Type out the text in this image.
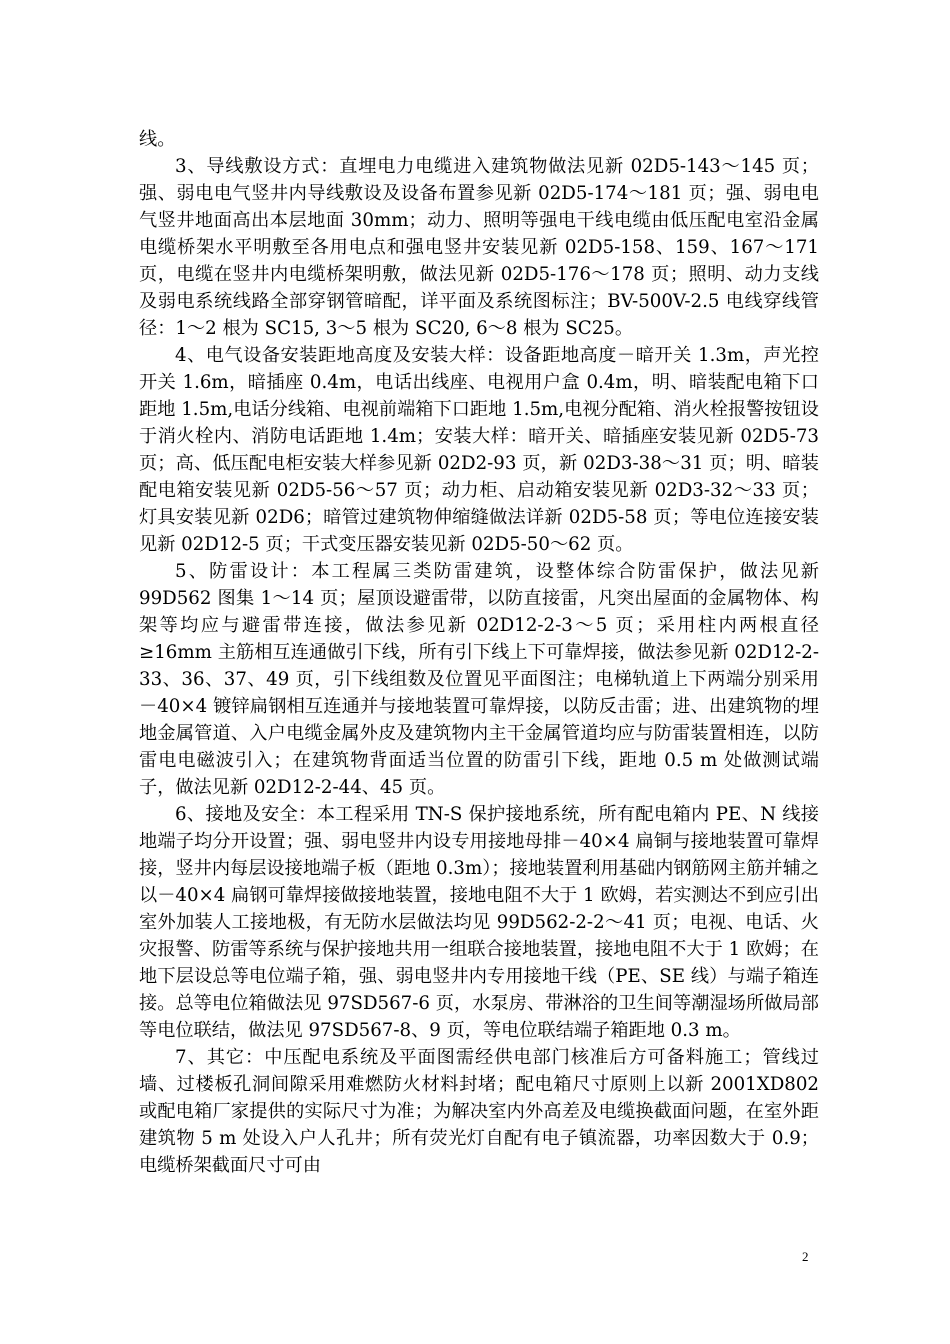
线。

3、导线敷设方式：直埋电力电缆进入建筑物做法见新 02D5-143～145 页；强、弱电电气竖井内导线敷设及设备布置参见新 02D5-174～181 页；强、弱电电气竖井地面高出本层地面 30mm；动力、照明等强电干线电缆由低压配电室沿金属电缆桥架水平明敷至各用电点和强电竖井安装见新 02D5-158、159、167～171 页，电缆在竖井内电缆桥架明敷，做法见新 02D5-176～178 页；照明、动力支线及弱电系统线路全部穿钢管暗配，详平面及系统图标注；BV-500V-2.5 电线穿线管径：1～2 根为 SC15, 3～5 根为 SC20, 6～8 根为 SC25。

4、电气设备安装距地高度及安装大样：设备距地高度－暗开关 1.3m，声光控开关 1.6m，暗插座 0.4m，电话出线座、电视用户盒 0.4m，明、暗装配电箱下口距地 1.5m,电话分线箱、电视前端箱下口距地 1.5m,电视分配箱、消火栓报警按钮设于消火栓内、消防电话距地 1.4m；安装大样：暗开关、暗插座安装见新 02D5-73 页；高、低压配电柜安装大样参见新 02D2-93 页，新 02D3-38～31 页；明、暗装配电箱安装见新 02D5-56～57 页；动力柜、启动箱安装见新 02D3-32～33 页；灯具安装见新 02D6；暗管过建筑物伸缩缝做法详新 02D5-58 页；等电位连接安装见新 02D12-5 页；干式变压器安装见新 02D5-50～62 页。

5、防雷设计：本工程属三类防雷建筑，设整体综合防雷保护，做法见新 99D562 图集 1～14 页；屋顶设避雷带，以防直接雷，凡突出屋面的金属物体、构架等均应与避雷带连接，做法参见新 02D12-2-3～5 页；采用柱内两根直径≥16mm 主筋相互连通做引下线，所有引下线上下可靠焊接，做法参见新 02D12-2-33、36、37、49 页，引下线组数及位置见平面图注；电梯轨道上下两端分别采用－40×4 镀锌扁钢相互连通并与接地装置可靠焊接，以防反击雷；进、出建筑物的埋地金属管道、入户电缆金属外皮及建筑物内主干金属管道均应与防雷装置相连，以防雷电电磁波引入；在建筑物背面适当位置的防雷引下线，距地 0.5 m 处做测试端子，做法见新 02D12-2-44、45 页。

6、接地及安全：本工程采用 TN-S 保护接地系统，所有配电箱内 PE、N 线接地端子均分开设置；强、弱电竖井内设专用接地母排－40×4 扁铜与接地装置可靠焊接，竖井内每层设接地端子板（距地 0.3m）；接地装置利用基础内钢筋网主筋并辅之以－40×4 扁钢可靠焊接做接地装置，接地电阻不大于 1 欧姆，若实测达不到应引出室外加装人工接地极，有无防水层做法均见 99D562-2-2～41 页；电视、电话、火灾报警、防雷等系统与保护接地共用一组联合接地装置，接地电阻不大于 1 欧姆；在地下层设总等电位端子箱，强、弱电竖井内专用接地干线（PE、SE 线）与端子箱连接。总等电位箱做法见 97SD567-6 页，水泵房、带淋浴的卫生间等潮湿场所做局部等电位联结，做法见 97SD567-8、9 页，等电位联结端子箱距地 0.3 m。

7、其它：中压配电系统及平面图需经供电部门核准后方可备料施工；管线过墙、过楼板孔洞间隙采用难燃防火材料封堵；配电箱尺寸原则上以新 2001XD802 或配电箱厂家提供的实际尺寸为准；为解决室内外高差及电缆换截面问题，在室外距建筑物 5 m 处设入户人孔井；所有荧光灯自配有电子镇流器，功率因数大于 0.9；电缆桥架截面尺寸可由

2
